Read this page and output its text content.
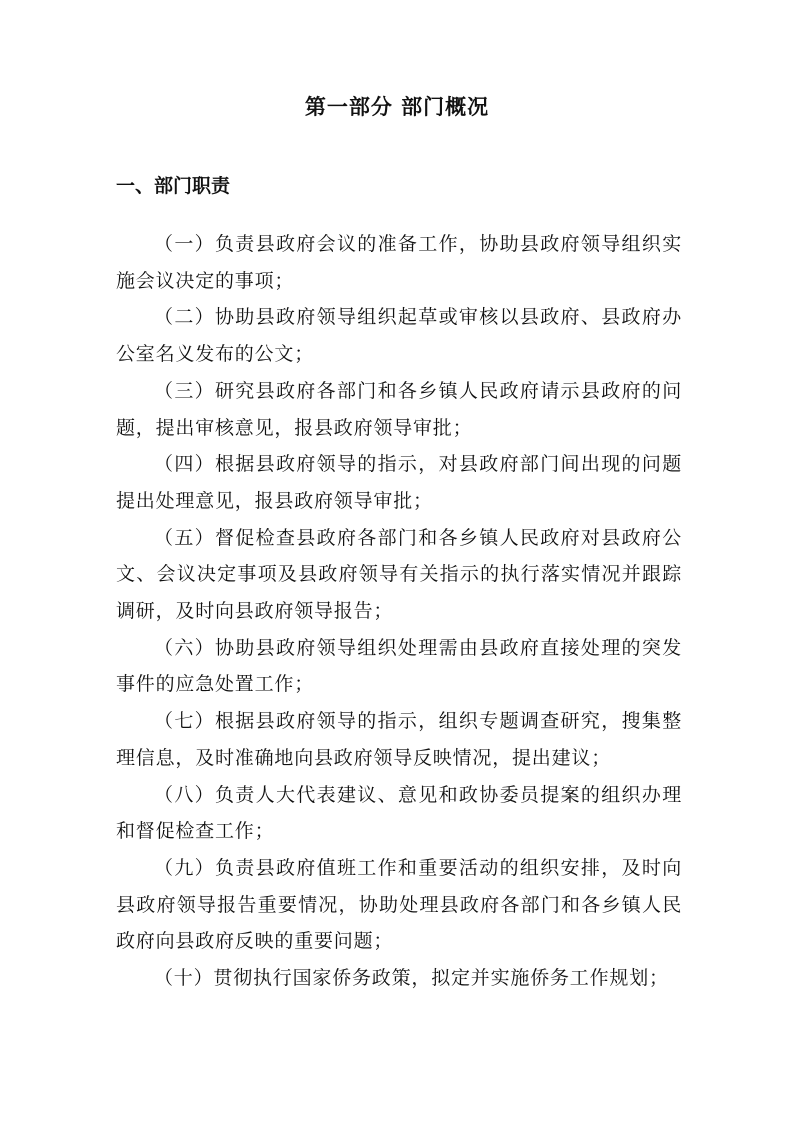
第一部分 部门概况
一、部门职责

（一）负责县政府会议的准备工作，协助县政府领导组织实施会议决定的事项；

（二）协助县政府领导组织起草或审核以县政府、县政府办公室名义发布的公文；

（三）研究县政府各部门和各乡镇人民政府请示县政府的问题，提出审核意见，报县政府领导审批；

（四）根据县政府领导的指示，对县政府部门间出现的问题提出处理意见，报县政府领导审批；

（五）督促检查县政府各部门和各乡镇人民政府对县政府公文、会议决定事项及县政府领导有关指示的执行落实情况并跟踪调研，及时向县政府领导报告；

（六）协助县政府领导组织处理需由县政府直接处理的突发事件的应急处置工作；

（七）根据县政府领导的指示，组织专题调查研究，搜集整理信息，及时准确地向县政府领导反映情况，提出建议；

（八）负责人大代表建议、意见和政协委员提案的组织办理和督促检查工作；

（九）负责县政府值班工作和重要活动的组织安排，及时向县政府领导报告重要情况，协助处理县政府各部门和各乡镇人民政府向县政府反映的重要问题；

（十）贯彻执行国家侨务政策，拟定并实施侨务工作规划；
